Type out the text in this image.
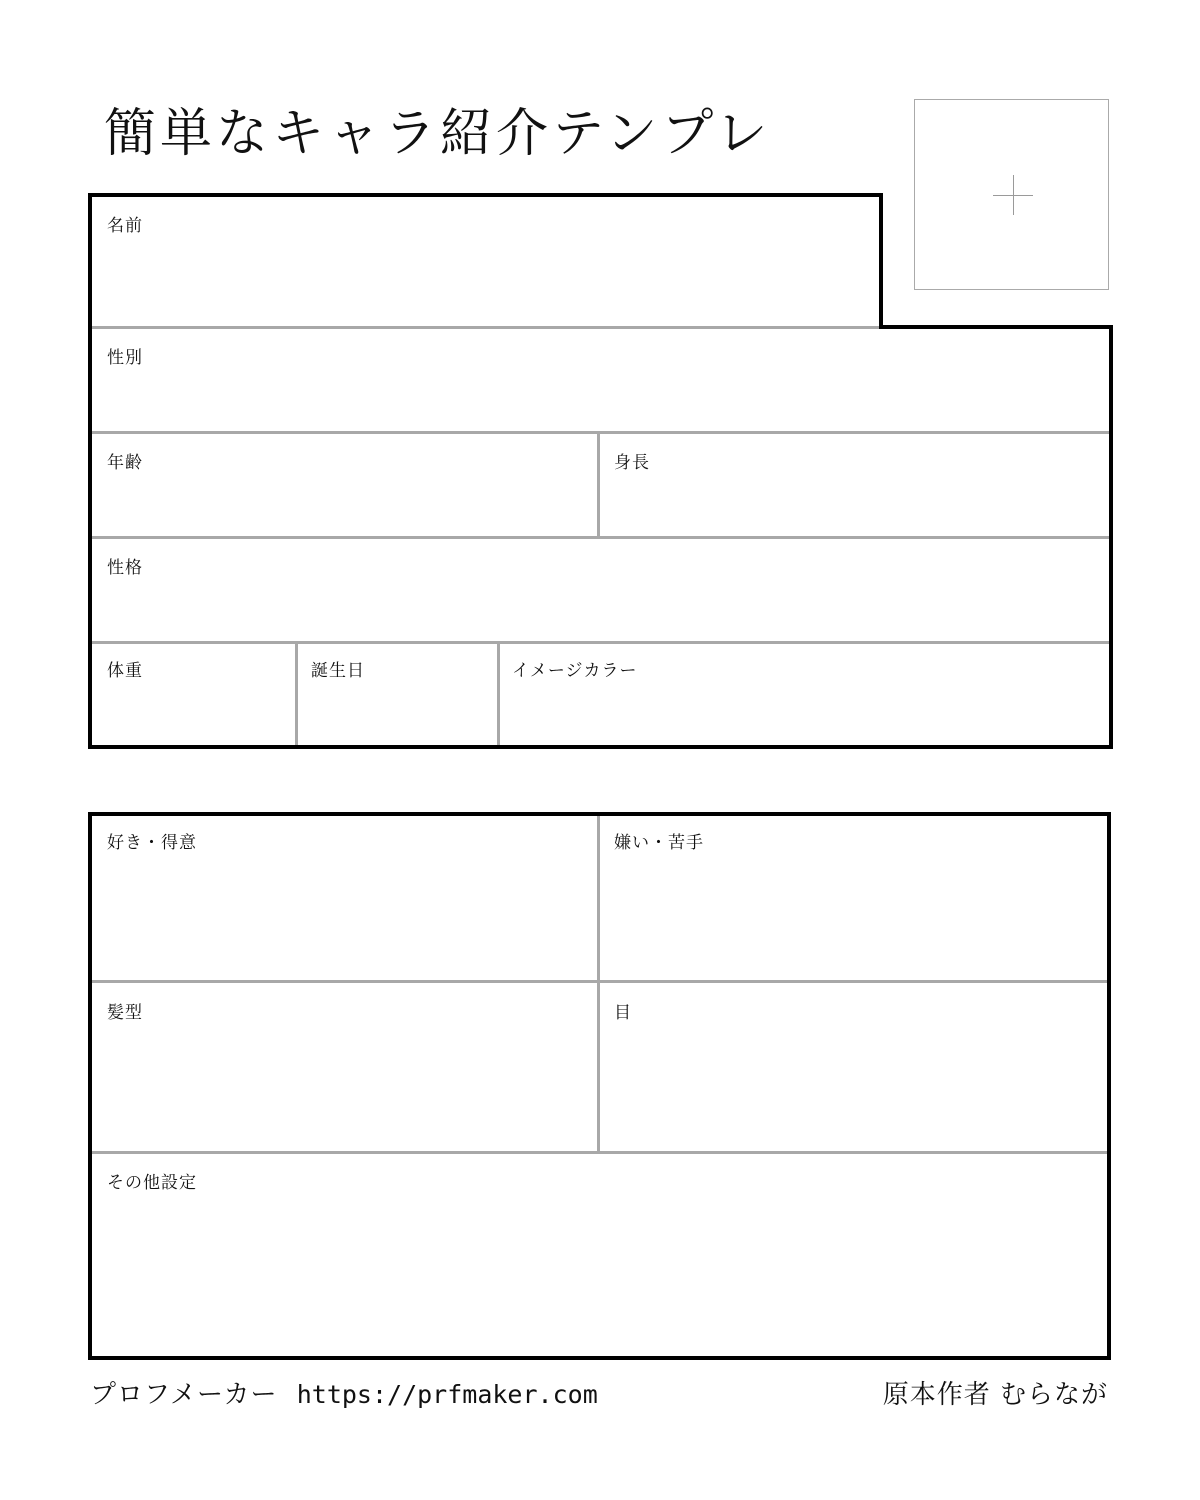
簡単なキャラ紹介テンプレ
名前
性別
年齢	身長
性格
体重	誕生日	イメージカラー
好き・得意	嫌い・苦手
髪型	目
その他設定
プロフメーカー https://prfmaker.com	原本作者 むらなが
